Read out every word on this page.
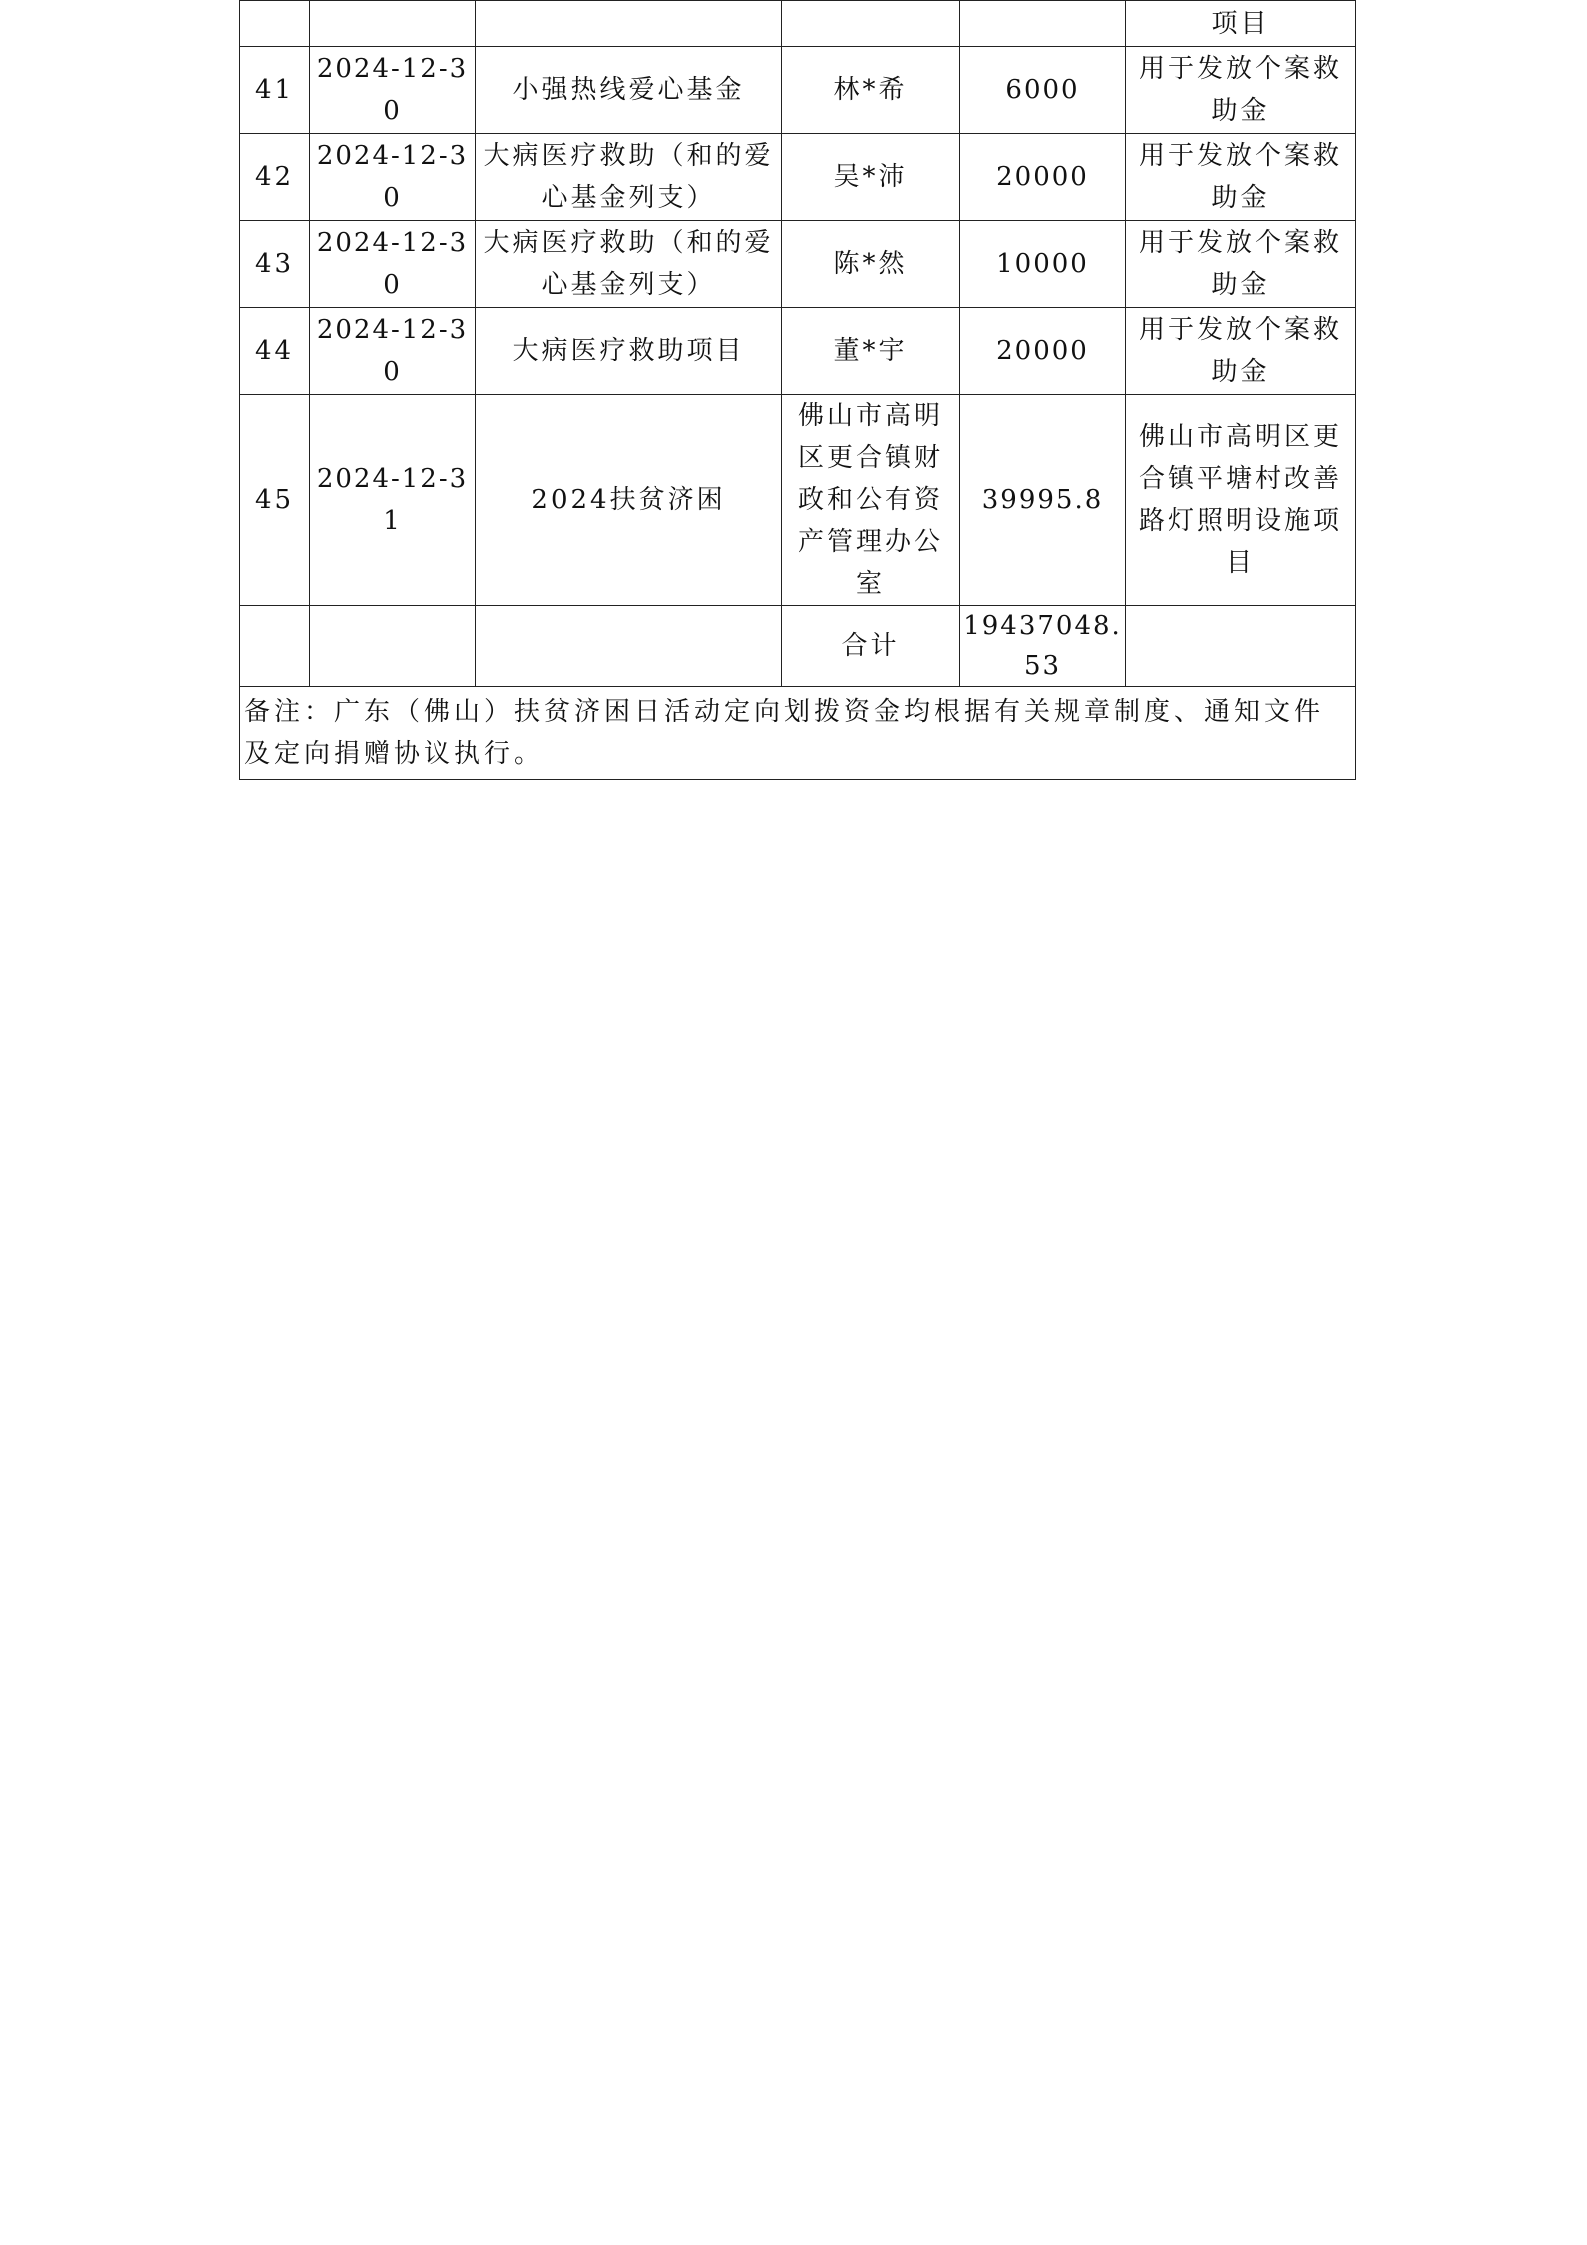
					项目
41	2024-12-30	小强热线爱心基金	林*希	6000	用于发放个案救助金
42	2024-12-30	大病医疗救助（和的爱心基金列支）	吴*沛	20000	用于发放个案救助金
43	2024-12-30	大病医疗救助（和的爱心基金列支）	陈*然	10000	用于发放个案救助金
44	2024-12-30	大病医疗救助项目	董*宇	20000	用于发放个案救助金
45	2024-12-31	2024扶贫济困	佛山市高明区更合镇财政和公有资产管理办公室	39995.8	佛山市高明区更合镇平塘村改善路灯照明设施项目
			合计	19437048.53	
备注：广东（佛山）扶贫济困日活动定向划拨资金均根据有关规章制度、通知文件及定向捐赠协议执行。					
